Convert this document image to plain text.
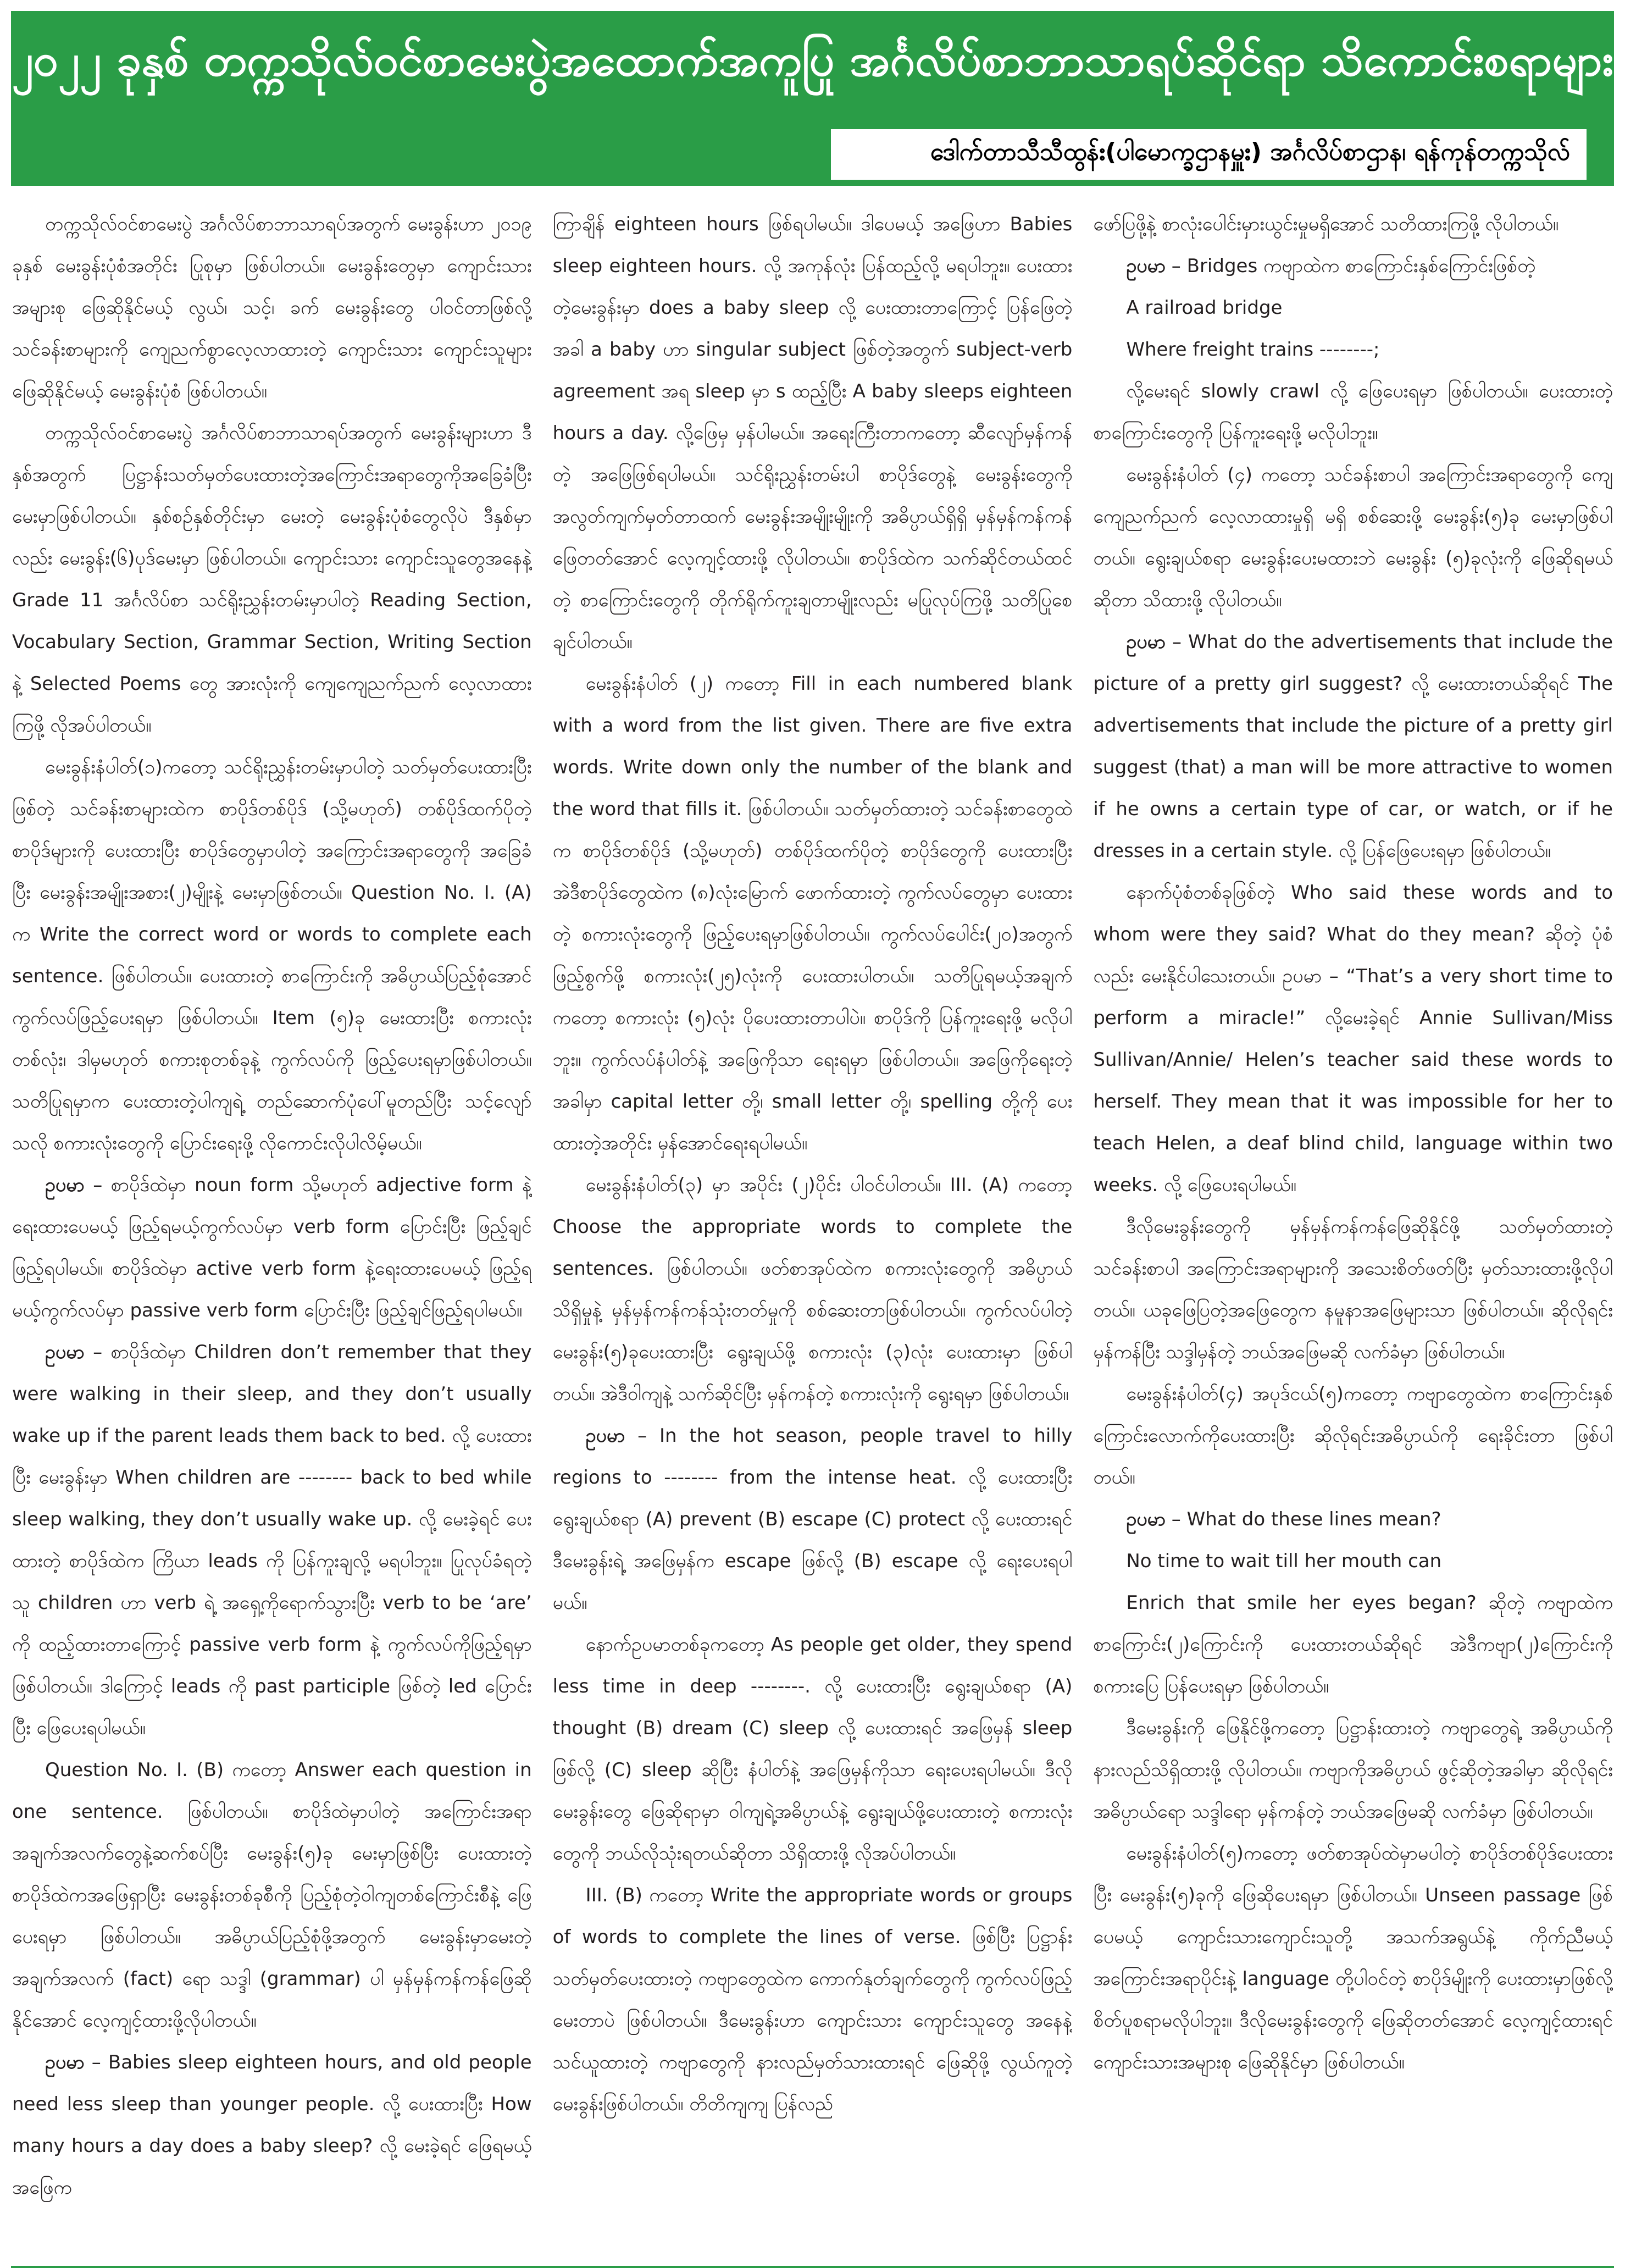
၂၀၂၂ ခုနှစ် တက္ကသိုလ်ဝင်စာမေးပွဲအထောက်အကူပြု အင်္ဂလိပ်စာဘာသာရပ်ဆိုင်ရာ သိကောင်းစရာများ
ဒေါက်တာသီသီထွန်း(ပါမောက္ခဌာနမှူး) အင်္ဂလိပ်စာဌာန၊ ရန်ကုန်တက္ကသိုလ်

တက္ကသိုလ်ဝင်စာမေးပွဲ အင်္ဂလိပ်စာဘာသာရပ်အတွက် မေးခွန်းဟာ ၂၀၁၉ ခုနှစ် မေးခွန်းပုံစံအတိုင်း ပြုစုမှာ ဖြစ်ပါတယ်။ မေးခွန်းတွေမှာ ကျောင်းသားအများစု ဖြေဆိုနိုင်မယ့် လွယ်၊ သင့်၊ ခက် မေးခွန်းတွေ ပါဝင်တာဖြစ်လို့ သင်ခန်းစာများကို ကျေညက်စွာလေ့လာထားတဲ့ ကျောင်းသား ကျောင်းသူများ ဖြေဆိုနိုင်မယ့် မေးခွန်းပုံစံ ဖြစ်ပါတယ်။

တက္ကသိုလ်ဝင်စာမေးပွဲ အင်္ဂလိပ်စာဘာသာရပ်အတွက် မေးခွန်းများဟာ ဒီနှစ်အတွက် ပြဋ္ဌာန်းသတ်မှတ်ပေးထားတဲ့အကြောင်းအရာတွေကိုအခြေခံပြီး မေးမှာဖြစ်ပါတယ်။ နှစ်စဉ်နှစ်တိုင်းမှာ မေးတဲ့ မေးခွန်းပုံစံတွေလိုပဲ ဒီနှစ်မှာလည်း မေးခွန်း(၆)ပုဒ်မေးမှာ ဖြစ်ပါတယ်။ ကျောင်းသား ကျောင်းသူတွေအနေနဲ့ Grade 11 အင်္ဂလိပ်စာ သင်ရိုးညွှန်းတမ်းမှာပါတဲ့ Reading Section, Vocabulary Section, Grammar Section, Writing Section နဲ့ Selected Poems တွေ အားလုံးကို ကျေကျေညက်ညက် လေ့လာထားကြဖို့ လိုအပ်ပါတယ်။

မေးခွန်းနံပါတ်(၁)ကတော့ သင်ရိုးညွှန်းတမ်းမှာပါတဲ့ သတ်မှတ်ပေးထားပြီးဖြစ်တဲ့ သင်ခန်းစာများထဲက စာပိုဒ်တစ်ပိုဒ် (သို့မဟုတ်) တစ်ပိုဒ်ထက်ပိုတဲ့စာပိုဒ်များကို ပေးထားပြီး စာပိုဒ်တွေမှာပါတဲ့ အကြောင်းအရာတွေကို အခြေခံပြီး မေးခွန်းအမျိုးအစား(၂)မျိုးနဲ့ မေးမှာဖြစ်တယ်။ Question No. I. (A) က Write the correct word or words to complete each sentence. ဖြစ်ပါတယ်။ ပေးထားတဲ့ စာကြောင်းကို အဓိပ္ပာယ်ပြည့်စုံအောင် ကွက်လပ်ဖြည့်ပေးရမှာ ဖြစ်ပါတယ်။ Item (၅)ခု မေးထားပြီး စကားလုံးတစ်လုံး၊ ဒါမှမဟုတ် စကားစုတစ်ခုနဲ့ ကွက်လပ်ကို ဖြည့်ပေးရမှာဖြစ်ပါတယ်။ သတိပြုရမှာက ပေးထားတဲ့ပါကျရဲ့ တည်ဆောက်ပုံပေါ်မူတည်ပြီး သင့်လျော်သလို စကားလုံးတွေကို ပြောင်းရေးဖို့ လိုကောင်းလိုပါလိမ့်မယ်။

ဥပမာ – စာပိုဒ်ထဲမှာ noun form သို့မဟုတ် adjective form နဲ့ရေးထားပေမယ့် ဖြည့်ရမယ့်ကွက်လပ်မှာ verb form ပြောင်းပြီး ဖြည့်ချင်ဖြည့်ရပါမယ်။ စာပိုဒ်ထဲမှာ active verb form နဲ့ရေးထားပေမယ့် ဖြည့်ရမယ့်ကွက်လပ်မှာ passive verb form ပြောင်းပြီး ဖြည့်ချင်ဖြည့်ရပါမယ်။

ဥပမာ – စာပိုဒ်ထဲမှာ Children don’t remember that they were walking in their sleep, and they don’t usually wake up if the parent leads them back to bed. လို့ ပေးထားပြီး မေးခွန်းမှာ When children are -------- back to bed while sleep walking, they don’t usually wake up. လို့ မေးခဲ့ရင် ပေးထားတဲ့ စာပိုဒ်ထဲက ကြိယာ leads ကို ပြန်ကူးချလို့ မရပါဘူး။ ပြုလုပ်ခံရတဲ့သူ children ဟာ verb ရဲ့ အရှေ့ကိုရောက်သွားပြီး verb to be ‘are’ ကို ထည့်ထားတာကြောင့် passive verb form နဲ့ ကွက်လပ်ကိုဖြည့်ရမှာ ဖြစ်ပါတယ်။ ဒါကြောင့် leads ကို past participle ဖြစ်တဲ့ led ပြောင်းပြီး ဖြေပေးရပါမယ်။

Question No. I. (B) ကတော့ Answer each question in one sentence. ဖြစ်ပါတယ်။ စာပိုဒ်ထဲမှာပါတဲ့ အကြောင်းအရာ အချက်အလက်တွေနဲ့ဆက်စပ်ပြီး မေးခွန်း(၅)ခု မေးမှာဖြစ်ပြီး ပေးထားတဲ့ စာပိုဒ်ထဲကအဖြေရှာပြီး မေးခွန်းတစ်ခုစီကို ပြည့်စုံတဲ့ဝါကျတစ်ကြောင်းစီနဲ့ ဖြေပေးရမှာ ဖြစ်ပါတယ်။ အဓိပ္ပာယ်ပြည့်စုံဖို့အတွက် မေးခွန်းမှာမေးတဲ့ အချက်အလက် (fact) ရော သဒ္ဒါ (grammar) ပါ မှန်မှန်ကန်ကန်ဖြေဆိုနိုင်အောင် လေ့ကျင့်ထားဖို့လိုပါတယ်။

ဥပမာ – Babies sleep eighteen hours, and old people need less sleep than younger people. လို့ ပေးထားပြီး How many hours a day does a baby sleep? လို့ မေးခဲ့ရင် ဖြေရမယ့်အဖြေက

ကြာချိန် eighteen hours ဖြစ်ရပါမယ်။ ဒါပေမယ့် အဖြေဟာ Babies sleep eighteen hours. လို့ အကုန်လုံး ပြန်ထည့်လို့ မရပါဘူး။ ပေးထားတဲ့မေးခွန်းမှာ does a baby sleep လို့ ပေးထားတာကြောင့် ပြန်ဖြေတဲ့အခါ a baby ဟာ singular subject ဖြစ်တဲ့အတွက် subject-verb agreement အရ sleep မှာ s ထည့်ပြီး A baby sleeps eighteen hours a day. လို့ဖြေမှ မှန်ပါမယ်။ အရေးကြီးတာကတော့ ဆီလျော်မှန်ကန်တဲ့ အဖြေဖြစ်ရပါမယ်။ သင်ရိုးညွှန်းတမ်းပါ စာပိုဒ်တွေနဲ့ မေးခွန်းတွေကို အလွတ်ကျက်မှတ်တာထက် မေးခွန်းအမျိုးမျိုးကို အဓိပ္ပာယ်ရှိရှိ မှန်မှန်ကန်ကန် ဖြေတတ်အောင် လေ့ကျင့်ထားဖို့ လိုပါတယ်။ စာပိုဒ်ထဲက သက်ဆိုင်တယ်ထင်တဲ့ စာကြောင်းတွေကို တိုက်ရိုက်ကူးချတာမျိုးလည်း မပြုလုပ်ကြဖို့ သတိပြုစေချင်ပါတယ်။

မေးခွန်းနံပါတ် (၂) ကတော့ Fill in each numbered blank with a word from the list given. There are five extra words. Write down only the number of the blank and the word that fills it. ဖြစ်ပါတယ်။ သတ်မှတ်ထားတဲ့ သင်ခန်းစာတွေထဲက စာပိုဒ်တစ်ပိုဒ် (သို့မဟုတ်) တစ်ပိုဒ်ထက်ပိုတဲ့ စာပိုဒ်တွေကို ပေးထားပြီး အဲဒီစာပိုဒ်တွေထဲက (၈)လုံးမြောက် ဖောက်ထားတဲ့ ကွက်လပ်တွေမှာ ပေးထားတဲ့ စကားလုံးတွေကို ဖြည့်ပေးရမှာဖြစ်ပါတယ်။ ကွက်လပ်ပေါင်း(၂၀)အတွက် ဖြည့်စွက်ဖို့ စကားလုံး(၂၅)လုံးကို ပေးထားပါတယ်။ သတိပြုရမယ့်အချက်ကတော့ စကားလုံး (၅)လုံး ပိုပေးထားတာပါပဲ။ စာပိုဒ်ကို ပြန်ကူးရေးဖို့ မလိုပါဘူး။ ကွက်လပ်နံပါတ်နဲ့ အဖြေကိုသာ ရေးရမှာ ဖြစ်ပါတယ်။ အဖြေကိုရေးတဲ့အခါမှာ capital letter တို့၊ small letter တို့၊ spelling တို့ကို ပေးထားတဲ့အတိုင်း မှန်အောင်ရေးရပါမယ်။

မေးခွန်းနံပါတ်(၃) မှာ အပိုင်း (၂)ပိုင်း ပါဝင်ပါတယ်။ III. (A) ကတော့ Choose the appropriate words to complete the sentences. ဖြစ်ပါတယ်။ ဖတ်စာအုပ်ထဲက စကားလုံးတွေကို အဓိပ္ပာယ် သိရှိမှုနဲ့ မှန်မှန်ကန်ကန်သုံးတတ်မှုကို စစ်ဆေးတာဖြစ်ပါတယ်။ ကွက်လပ်ပါတဲ့ မေးခွန်း(၅)ခုပေးထားပြီး ရွေးချယ်ဖို့ စကားလုံး (၃)လုံး ပေးထားမှာ ဖြစ်ပါတယ်။ အဲဒီဝါကျနဲ့ သက်ဆိုင်ပြီး မှန်ကန်တဲ့ စကားလုံးကို ရွေးရမှာ ဖြစ်ပါတယ်။

ဥပမာ – In the hot season, people travel to hilly regions to -------- from the intense heat. လို့ ပေးထားပြီး ရွေးချယ်စရာ (A) prevent (B) escape (C) protect လို့ ပေးထားရင် ဒီမေးခွန်းရဲ့ အဖြေမှန်က escape ဖြစ်လို့ (B) escape လို့ ရေးပေးရပါမယ်။

နောက်ဥပမာတစ်ခုကတော့ As people get older, they spend less time in deep --------. လို့ ပေးထားပြီး ရွေးချယ်စရာ (A) thought (B) dream (C) sleep လို့ ပေးထားရင် အဖြေမှန် sleep ဖြစ်လို့ (C) sleep ဆိုပြီး နံပါတ်နဲ့ အဖြေမှန်ကိုသာ ရေးပေးရပါမယ်။ ဒီလိုမေးခွန်းတွေ ဖြေဆိုရာမှာ ဝါကျရဲ့အဓိပ္ပာယ်နဲ့ ရွေးချယ်ဖို့ပေးထားတဲ့ စကားလုံးတွေကို ဘယ်လိုသုံးရတယ်ဆိုတာ သိရှိထားဖို့ လိုအပ်ပါတယ်။

III. (B) ကတော့ Write the appropriate words or groups of words to complete the lines of verse. ဖြစ်ပြီး ပြဋ္ဌာန်းသတ်မှတ်ပေးထားတဲ့ ကဗျာတွေထဲက ကောက်နုတ်ချက်တွေကို ကွက်လပ်ဖြည့်မေးတာပဲ ဖြစ်ပါတယ်။ ဒီမေးခွန်းဟာ ကျောင်းသား ကျောင်းသူတွေ အနေနဲ့ သင်ယူထားတဲ့ ကဗျာတွေကို နားလည်မှတ်သားထားရင် ဖြေဆိုဖို့ လွယ်ကူတဲ့ မေးခွန်းဖြစ်ပါတယ်။ တိတိကျကျ ပြန်လည်

ဖော်ပြဖို့နဲ့ စာလုံးပေါင်းမှားယွင်းမှုမရှိအောင် သတိထားကြဖို့ လိုပါတယ်။

ဥပမာ – Bridges ကဗျာထဲက စာကြောင်းနှစ်ကြောင်းဖြစ်တဲ့

A railroad bridge

Where freight trains --------;

လို့မေးရင် slowly crawl လို့ ဖြေပေးရမှာ ဖြစ်ပါတယ်။ ပေးထားတဲ့ စာကြောင်းတွေကို ပြန်ကူးရေးဖို့ မလိုပါဘူး။

မေးခွန်းနံပါတ် (၄) ကတော့ သင်ခန်းစာပါ အကြောင်းအရာတွေကို ကျေကျေညက်ညက် လေ့လာထားမှုရှိ မရှိ စစ်ဆေးဖို့ မေးခွန်း(၅)ခု မေးမှာဖြစ်ပါတယ်။ ရွေးချယ်စရာ မေးခွန်းပေးမထားဘဲ မေးခွန်း (၅)ခုလုံးကို ဖြေဆိုရမယ်ဆိုတာ သိထားဖို့ လိုပါတယ်။

ဥပမာ – What do the advertisements that include the picture of a pretty girl suggest? လို့ မေးထားတယ်ဆိုရင် The advertisements that include the picture of a pretty girl suggest (that) a man will be more attractive to women if he owns a certain type of car, or watch, or if he dresses in a certain style. လို့ ပြန်ဖြေပေးရမှာ ဖြစ်ပါတယ်။

နောက်ပုံစံတစ်ခုဖြစ်တဲ့ Who said these words and to whom were they said? What do they mean? ဆိုတဲ့ ပုံစံလည်း မေးနိုင်ပါသေးတယ်။ ဥပမာ – “That’s a very short time to perform a miracle!” လို့မေးခဲ့ရင် Annie Sullivan/Miss Sullivan/Annie/ Helen’s teacher said these words to herself. They mean that it was impossible for her to teach Helen, a deaf blind child, language within two weeks. လို့ ဖြေပေးရပါမယ်။

ဒီလိုမေးခွန်းတွေကို မှန်မှန်ကန်ကန်ဖြေဆိုနိုင်ဖို့ သတ်မှတ်ထားတဲ့ သင်ခန်းစာပါ အကြောင်းအရာများကို အသေးစိတ်ဖတ်ပြီး မှတ်သားထားဖို့လိုပါတယ်။ ယခုဖြေပြတဲ့အဖြေတွေက နမူနာအဖြေများသာ ဖြစ်ပါတယ်။ ဆိုလိုရင်းမှန်ကန်ပြီး သဒ္ဒါမှန်တဲ့ ဘယ်အဖြေမဆို လက်ခံမှာ ဖြစ်ပါတယ်။

မေးခွန်းနံပါတ်(၄) အပုဒ်ငယ်(၅)ကတော့ ကဗျာတွေထဲက စာကြောင်းနှစ်ကြောင်းလောက်ကိုပေးထားပြီး ဆိုလိုရင်းအဓိပ္ပာယ်ကို ရေးခိုင်းတာ ဖြစ်ပါတယ်။

ဥပမာ – What do these lines mean?

No time to wait till her mouth can

Enrich that smile her eyes began? ဆိုတဲ့ ကဗျာထဲက စာကြောင်း(၂)ကြောင်းကို ပေးထားတယ်ဆိုရင် အဲဒီကဗျာ(၂)ကြောင်းကို စကားပြေ ပြန်ပေးရမှာ ဖြစ်ပါတယ်။

ဒီမေးခွန်းကို ဖြေနိုင်ဖို့ကတော့ ပြဋ္ဌာန်းထားတဲ့ ကဗျာတွေရဲ့ အဓိပ္ပာယ်ကို နားလည်သိရှိထားဖို့ လိုပါတယ်။ ကဗျာကိုအဓိပ္ပာယ် ဖွင့်ဆိုတဲ့အခါမှာ ဆိုလိုရင်းအဓိပ္ပာယ်ရော သဒ္ဒါရော မှန်ကန်တဲ့ ဘယ်အဖြေမဆို လက်ခံမှာ ဖြစ်ပါတယ်။

မေးခွန်းနံပါတ်(၅)ကတော့ ဖတ်စာအုပ်ထဲမှာမပါတဲ့ စာပိုဒ်တစ်ပိုဒ်ပေးထားပြီး မေးခွန်း(၅)ခုကို ဖြေဆိုပေးရမှာ ဖြစ်ပါတယ်။ Unseen passage ဖြစ်ပေမယ့် ကျောင်းသားကျောင်းသူတို့ အသက်အရွယ်နဲ့ ကိုက်ညီမယ့် အကြောင်းအရာပိုင်းနဲ့ language တို့ပါဝင်တဲ့ စာပိုဒ်မျိုးကို ပေးထားမှာဖြစ်လို့ စိတ်ပူစရာမလိုပါဘူး။ ဒီလိုမေးခွန်းတွေကို ဖြေဆိုတတ်အောင် လေ့ကျင့်ထားရင် ကျောင်းသားအများစု ဖြေဆိုနိုင်မှာ ဖြစ်ပါတယ်။
